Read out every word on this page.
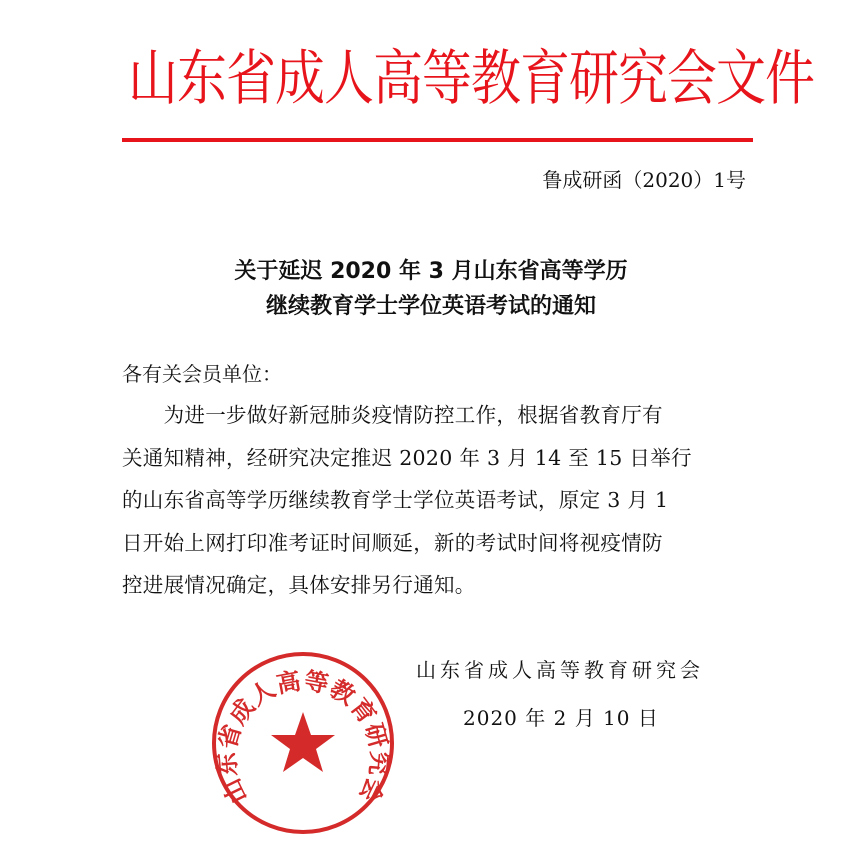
山东省成人高等教育研究会文件
鲁成研函（2020）1号
关于延迟 2020 年 3 月山东省高等学历
继续教育学士学位英语考试的通知
各有关会员单位：
　　为进一步做好新冠肺炎疫情防控工作，根据省教育厅有
关通知精神，经研究决定推迟 2020 年 3 月 14 至 15 日举行
的山东省高等学历继续教育学士学位英语考试，原定 3 月 1
日开始上网打印准考证时间顺延，新的考试时间将视疫情防
控进展情况确定，具体安排另行通知。
山东省成人高等教育研究会
山东省成人高等教育研究会
2020 年 2 月 10 日
